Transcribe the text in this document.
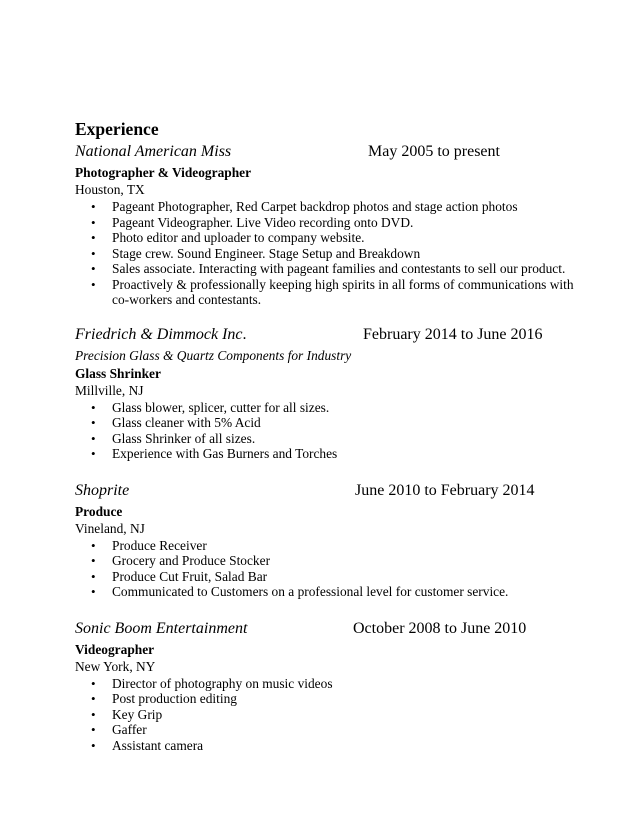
Experience
National American Miss	May 2005 to present
Photographer & Videographer
Houston, TX
• Pageant Photographer, Red Carpet backdrop photos and stage action photos
• Pageant Videographer. Live Video recording onto DVD.
• Photo editor and uploader to company website.
• Stage crew. Sound Engineer. Stage Setup and Breakdown
• Sales associate. Interacting with pageant families and contestants to sell our product.
• Proactively & professionally keeping high spirits in all forms of communications with co-workers and contestants.
Friedrich & Dimmock Inc.	February 2014 to June 2016
Precision Glass & Quartz Components for Industry
Glass Shrinker
Millville, NJ
• Glass blower, splicer, cutter for all sizes.
• Glass cleaner with 5% Acid
• Glass Shrinker of all sizes.
• Experience with Gas Burners and Torches
Shoprite	June 2010 to February 2014
Produce
Vineland, NJ
• Produce Receiver
• Grocery and Produce Stocker
• Produce Cut Fruit, Salad Bar
• Communicated to Customers on a professional level for customer service.
Sonic Boom Entertainment	October 2008 to June 2010
Videographer
New York, NY
• Director of photography on music videos
• Post production editing
• Key Grip
• Gaffer
• Assistant camera
